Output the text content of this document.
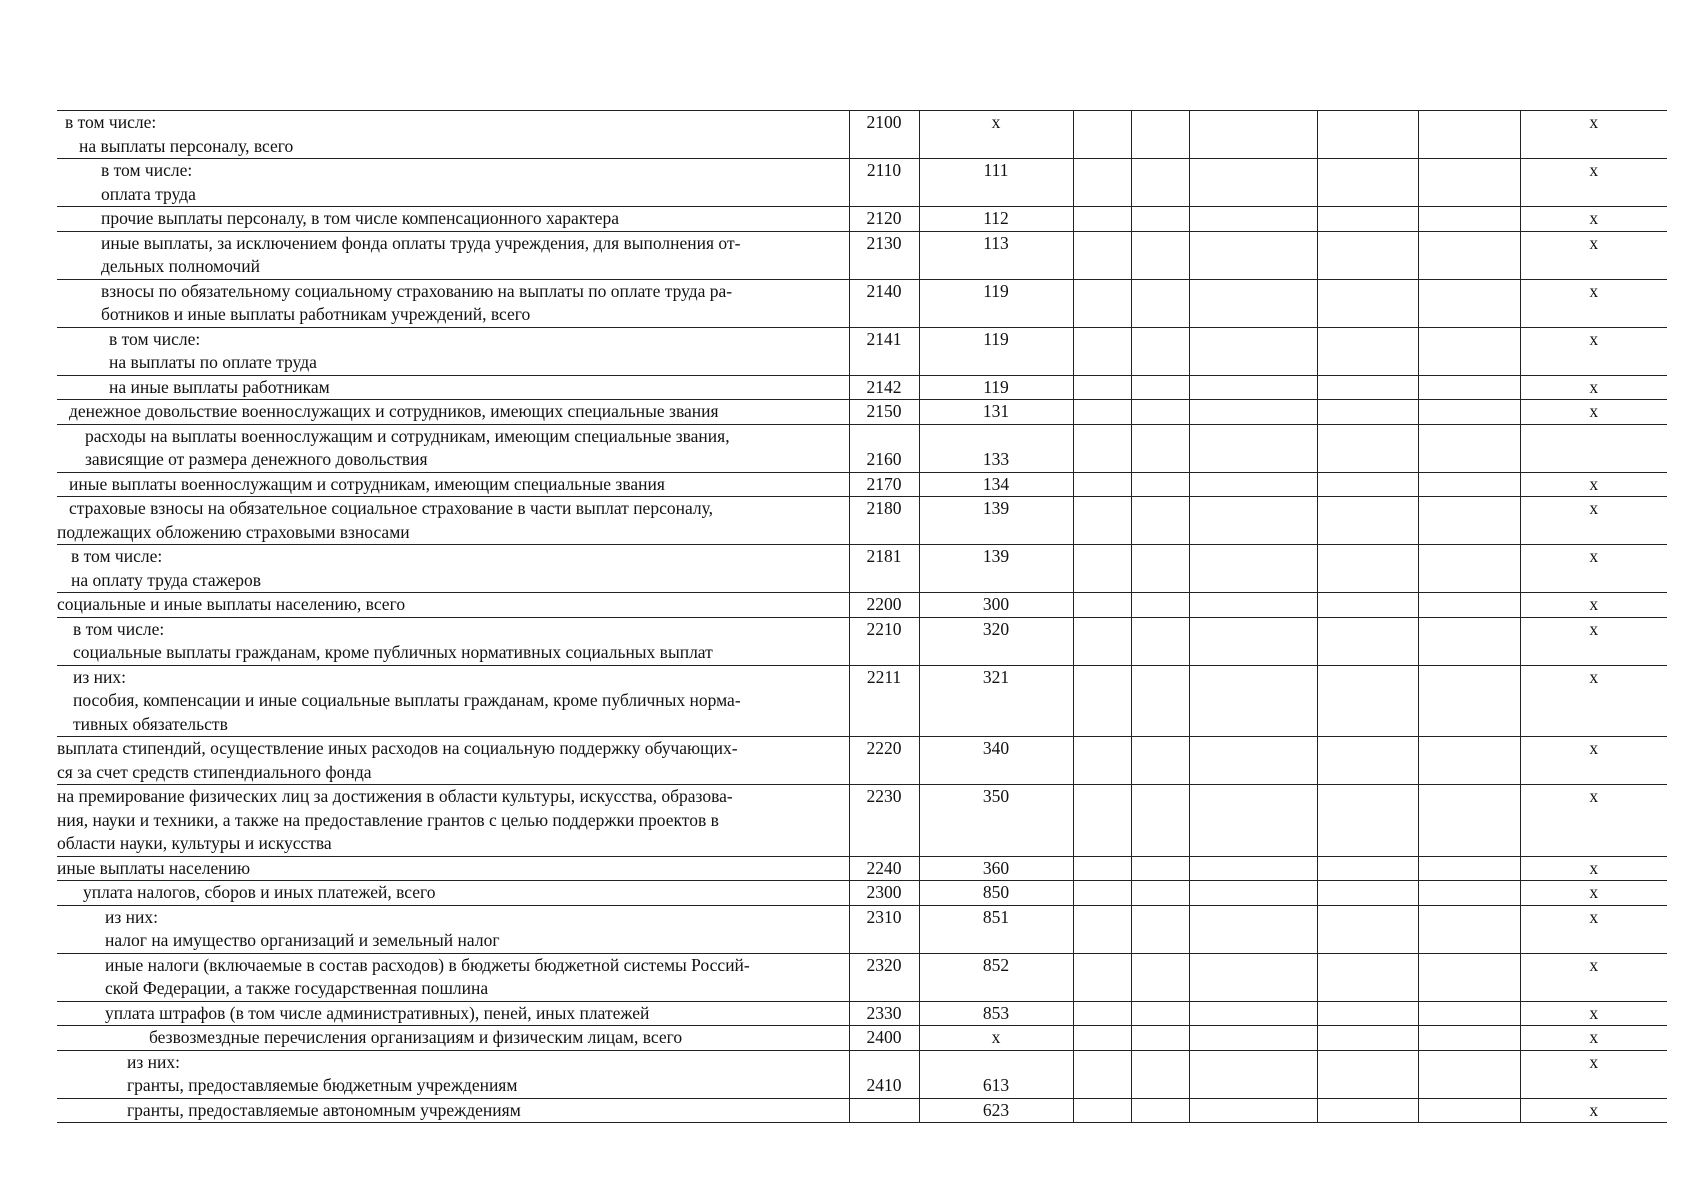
в том числе:
на выплаты персоналу, всего	2100	x						x

в том числе:
оплата труда	2110	111						x

прочие выплаты персоналу, в том числе компенсационного характера	2120	112						x

иные выплаты, за исключением фонда оплаты труда учреждения, для выполнения от-
дельных полномочий	2130	113						x

взносы по обязательному социальному страхованию на выплаты по оплате труда ра-
ботников и иные выплаты работникам учреждений, всего	2140	119						x

в том числе:
на выплаты по оплате труда	2141	119						x

на иные выплаты работникам	2142	119						x

денежное довольствие военнослужащих и сотрудников, имеющих специальные звания	2150	131						x

расходы на выплаты военнослужащим и сотрудникам, имеющим специальные звания,
зависящие от размера денежного довольствия	2160	133						

иные выплаты военнослужащим и сотрудникам, имеющим специальные звания	2170	134						x

страховые взносы на обязательное социальное страхование в части выплат персоналу,
подлежащих обложению страховыми взносами	2180	139						x

в том числе:
на оплату труда стажеров	2181	139						x

социальные и иные выплаты населению, всего	2200	300						x

в том числе:
социальные выплаты гражданам, кроме публичных нормативных социальных выплат	2210	320						x

из них:
пособия, компенсации и иные социальные выплаты гражданам, кроме публичных норма-
тивных обязательств	2211	321						x

выплата стипендий, осуществление иных расходов на социальную поддержку обучающих-
ся за счет средств стипендиального фонда	2220	340						x

на премирование физических лиц за достижения в области культуры, искусства, образова-
ния, науки и техники, а также на предоставление грантов с целью поддержки проектов в
области науки, культуры и искусства	2230	350						x

иные выплаты населению	2240	360						x

уплата налогов, сборов и иных платежей, всего	2300	850						x

из них:
налог на имущество организаций и земельный налог	2310	851						x

иные налоги (включаемые в состав расходов) в бюджеты бюджетной системы Россий-
ской Федерации, а также государственная пошлина	2320	852						x

уплата штрафов (в том числе административных), пеней, иных платежей	2330	853						x

безвозмездные перечисления организациям и физическим лицам, всего	2400	x						x

из них:
гранты, предоставляемые бюджетным учреждениям	2410	613						x

гранты, предоставляемые автономным учреждениям		623						x
